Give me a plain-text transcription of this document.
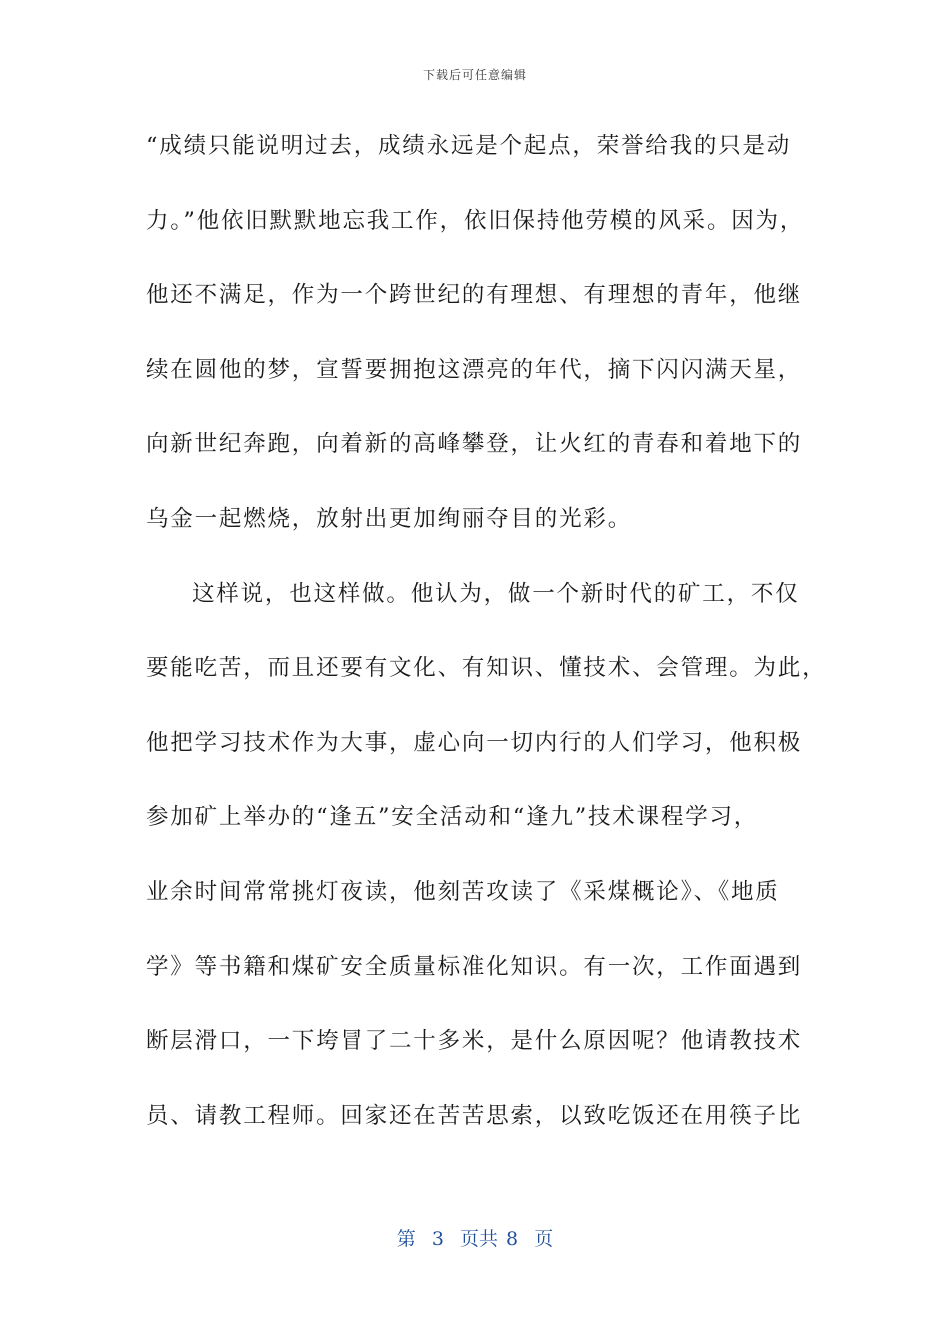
下载后可任意编辑
“成绩只能说明过去，成绩永远是个起点，荣誉给我的只是动
力。”他依旧默默地忘我工作，依旧保持他劳模的风采。因为，
他还不满足，作为一个跨世纪的有理想、有理想的青年，他继
续在圆他的梦，宣誓要拥抱这漂亮的年代，摘下闪闪满天星，
向新世纪奔跑，向着新的高峰攀登，让火红的青春和着地下的
乌金一起燃烧，放射出更加绚丽夺目的光彩。
这样说，也这样做。他认为，做一个新时代的矿工，不仅
要能吃苦，而且还要有文化、有知识、懂技术、会管理。为此，
他把学习技术作为大事，虚心向一切内行的人们学习，他积极
参加矿上举办的“逢五”安全活动和“逢九”技术课程学习，
业余时间常常挑灯夜读，他刻苦攻读了《采煤概论》、《地质
学》等书籍和煤矿安全质量标准化知识。有一次，工作面遇到
断层滑口，一下垮冒了二十多米，是什么原因呢？他请教技术
员、请教工程师。回家还在苦苦思索，以致吃饭还在用筷子比
第  3  页共 8  页
